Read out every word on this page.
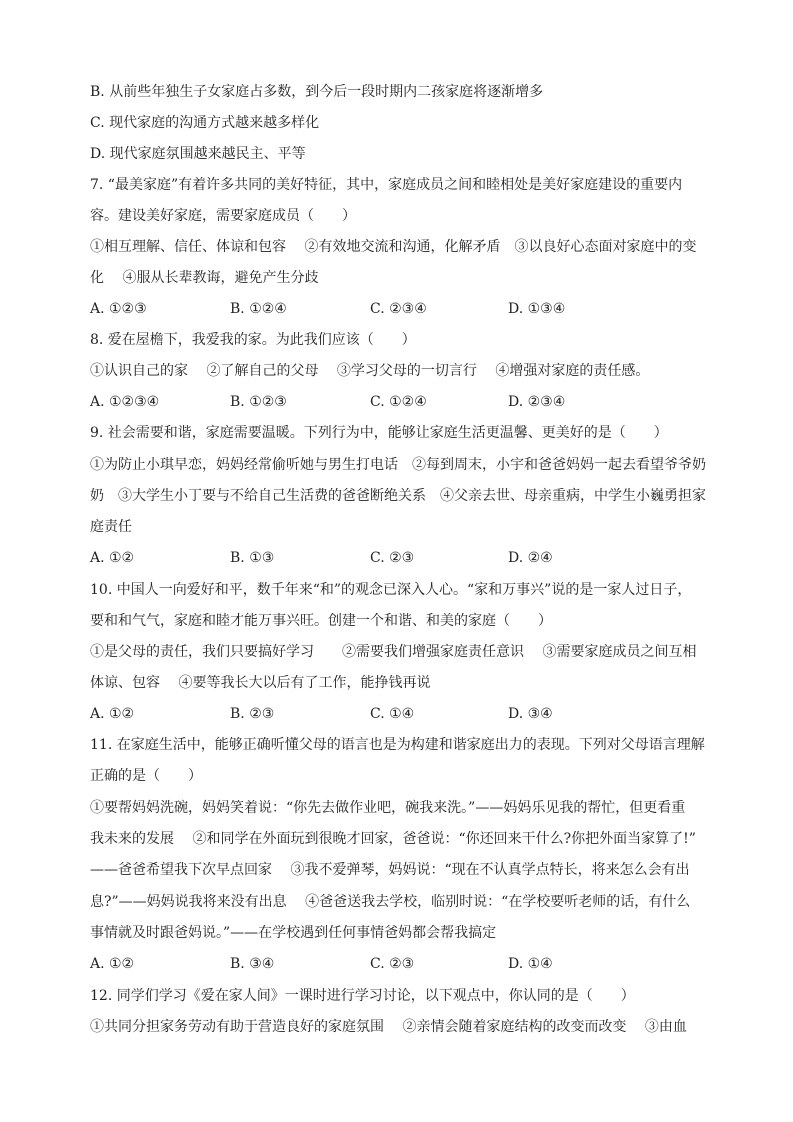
B. 从前些年独生子女家庭占多数，到今后一段时期内二孩家庭将逐渐增多
C. 现代家庭的沟通方式越来越多样化
D. 现代家庭氛围越来越民主、平等
7. “最美家庭”有着许多共同的美好特征，其中，家庭成员之间和睦相处是美好家庭建设的重要内
容。建设美好家庭，需要家庭成员（　　）
①相互理解、信任、体谅和包容　 ②有效地交流和沟通，化解矛盾　③以良好心态面对家庭中的变
化　 ④服从长辈教诲，避免产生分歧
A. ①②③	B. ①②④	C. ②③④	D. ①③④
8. 爱在屋檐下，我爱我的家。为此我们应该（　　）
①认识自己的家　 ②了解自己的父母　 ③学习父母的一切言行　 ④增强对家庭的责任感。
A. ①②③④	B. ①②③	C. ①②④	D. ②③④
9. 社会需要和谐，家庭需要温暖。下列行为中，能够让家庭生活更温馨、更美好的是（　　）
①为防止小琪早恋，妈妈经常偷听她与男生打电话　②每到周末，小宇和爸爸妈妈一起去看望爷爷奶
奶　③大学生小丁要与不给自己生活费的爸爸断绝关系　④父亲去世、母亲重病，中学生小巍勇担家
庭责任
A. ①②	B. ①③	C. ②③	D. ②④
10. 中国人一向爱好和平，数千年来“和”的观念已深入人心。“家和万事兴”说的是一家人过日子，
要和和气气，家庭和睦才能万事兴旺。创建一个和谐、和美的家庭（　　）
①是父母的责任，我们只要搞好学习　　②需要我们增强家庭责任意识　 ③需要家庭成员之间互相
体谅、包容　 ④要等我长大以后有了工作，能挣钱再说
A. ①②	B. ②③	C. ①④	D. ③④
11. 在家庭生活中，能够正确听懂父母的语言也是为构建和谐家庭出力的表现。下列对父母语言理解
正确的是（　　）
①要帮妈妈洗碗，妈妈笑着说：“你先去做作业吧，碗我来洗。”——妈妈乐见我的帮忙，但更看重
我未来的发展　 ②和同学在外面玩到很晚才回家，爸爸说：“你还回来干什么?你把外面当家算了!”
——爸爸希望我下次早点回家　 ③我不爱弹琴，妈妈说：“现在不认真学点特长，将来怎么会有出
息?”——妈妈说我将来没有出息　 ④爸爸送我去学校，临别时说：“在学校要听老师的话，有什么
事情就及时跟爸妈说。”——在学校遇到任何事情爸妈都会帮我搞定
A. ①②	B. ③④	C. ②③	D. ①④
12. 同学们学习《爱在家人间》一课时进行学习讨论，以下观点中，你认同的是（　　）
①共同分担家务劳动有助于营造良好的家庭氛围　 ②亲情会随着家庭结构的改变而改变　 ③由血
